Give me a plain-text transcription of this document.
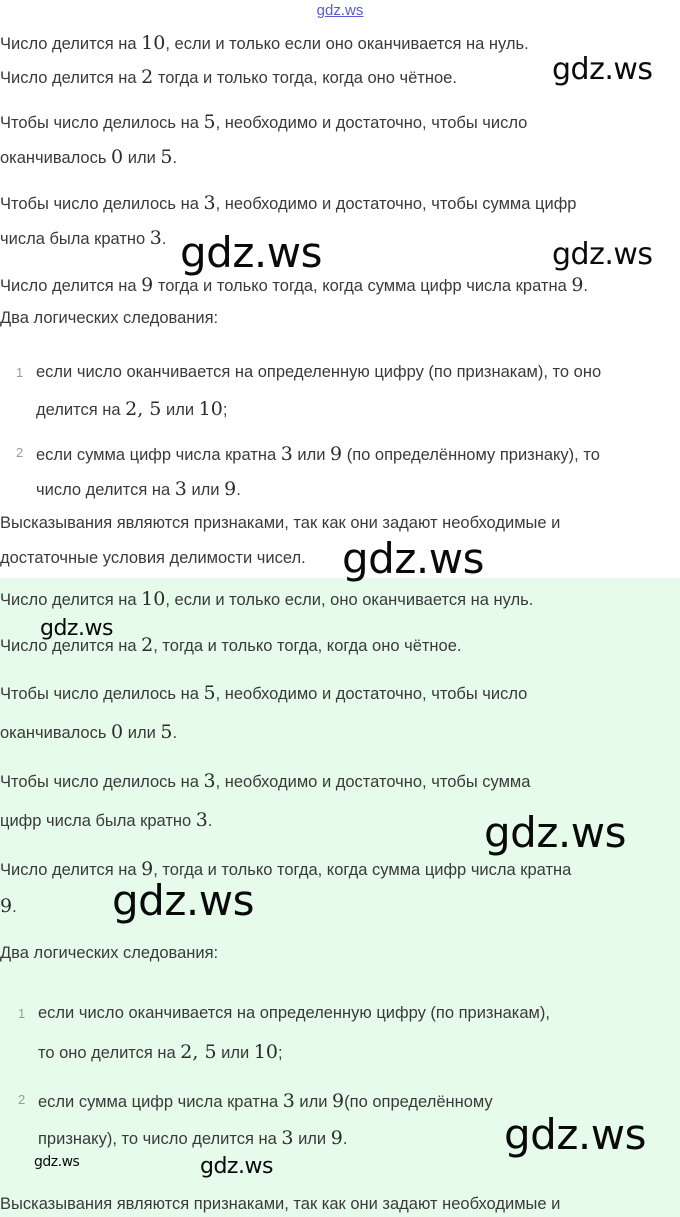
gdz.ws
Число делится на 10, если и только если оно оканчивается на нуль.
Число делится на 2 тогда и только тогда, когда оно чётное.
Чтобы число делилось на 5, необходимо и достаточно, чтобы число
оканчивалось 0 или 5.
Чтобы число делилось на 3, необходимо и достаточно, чтобы сумма цифр
числа была кратно 3.
Число делится на 9 тогда и только тогда, когда сумма цифр числа кратна 9.
Два логических следования:
1 если число оканчивается на определенную цифру (по признакам), то оно
делится на 2, 5 или 10;
2 если сумма цифр числа кратна 3 или 9 (по определённому признаку), то
число делится на 3 или 9.
Высказывания являются признаками, так как они задают необходимые и
достаточные условия делимости чисел.
Число делится на 10, если и только если, оно оканчивается на нуль.
Число делится на 2, тогда и только тогда, когда оно чётное.
Чтобы число делилось на 5, необходимо и достаточно, чтобы число
оканчивалось 0 или 5.
Чтобы число делилось на 3, необходимо и достаточно, чтобы сумма
цифр числа была кратно 3.
Число делится на 9, тогда и только тогда, когда сумма цифр числа кратна
9.
Два логических следования:
1 если число оканчивается на определенную цифру (по признакам),
то оно делится на 2, 5 или 10;
2 если сумма цифр числа кратна 3 или 9(по определённому
признаку), то число делится на 3 или 9.
Высказывания являются признаками, так как они задают необходимые и
gdz.ws
gdz.ws	gdz.ws
gdz.ws
gdz.ws
gdz.ws
gdz.ws
gdz.ws
gdz.ws	gdz.ws
